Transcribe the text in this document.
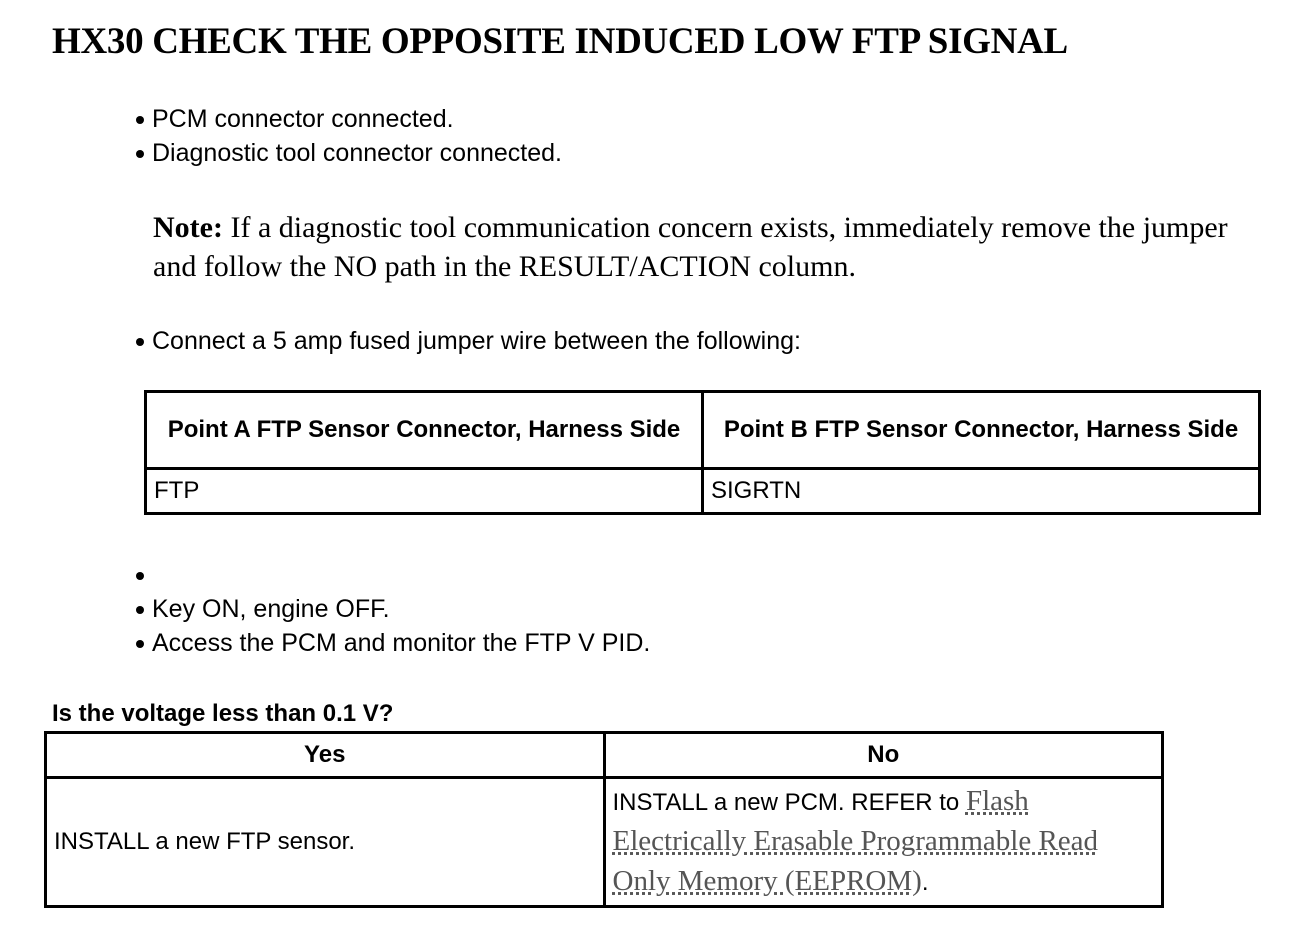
HX30 CHECK THE OPPOSITE INDUCED LOW FTP SIGNAL
PCM connector connected.
Diagnostic tool connector connected.

Note: If a diagnostic tool communication concern exists, immediately remove the jumper and follow the NO path in the RESULT/ACTION column.

Connect a 5 amp fused jumper wire between the following:
Point A FTP Sensor Connector, Harness Side	Point B FTP Sensor Connector, Harness Side
FTP	SIGRTN
Key ON, engine OFF.
Access the PCM and monitor the FTP V PID.

Is the voltage less than 0.1 V?

Yes	No
INSTALL a new FTP sensor.	INSTALL a new PCM. REFER to Flash Electrically Erasable Programmable Read Only Memory (EEPROM).
